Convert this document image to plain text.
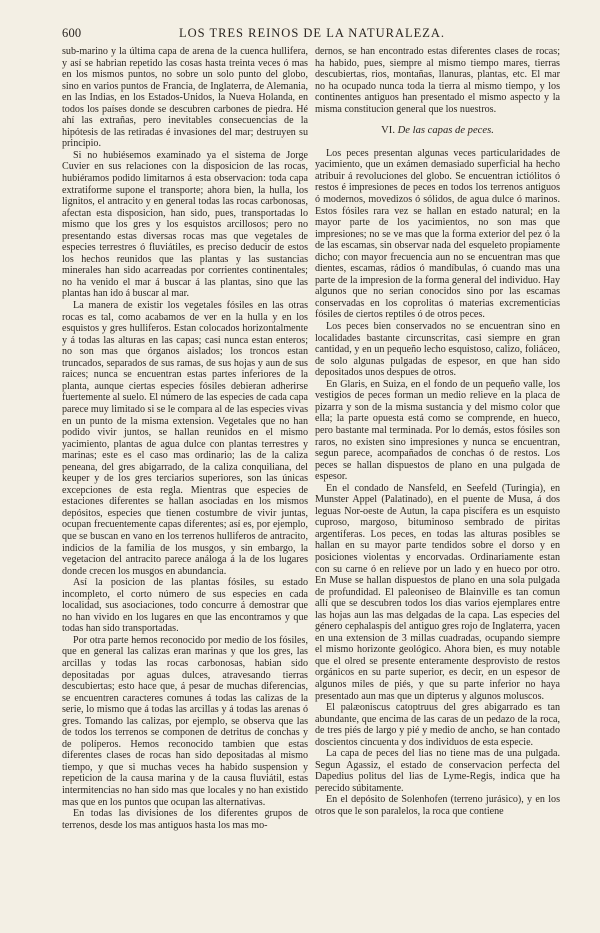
600	LOS TRES REINOS DE LA NATURALEZA.

sub-marino y la última capa de arena de la cuenca hullifera, y así se habrian repetido las cosas hasta treinta veces ó mas en los mismos puntos, no sobre un solo punto del globo, sino en varios puntos de Francia, de Inglaterra, de Alemania, en las Indias, en los Estados-Unidos, la Nueva Holanda, en todos los países donde se descubren carbones de piedra. Hé ahí las extrañas, pero inevitables consecuencias de la hipótesis de las retiradas é invasiones del mar; destruyen su principio.

Si no hubiésemos examinado ya el sistema de Jorge Cuvier en sus relaciones con la disposicion de las rocas, hubiéramos podido limitarnos á esta observacion: toda capa extratiforme supone el transporte; ahora bien, la hulla, los lignitos, el antracito y en general todas las rocas carbonosas, afectan esta disposicion, han sido, pues, transportadas lo mismo que los gres y los esquistos arcillosos; pero no presentando estas diversas rocas mas que vegetales de especies terrestres ó fluviátiles, es preciso deducir de estos los hechos reunidos que las plantas y las sustancias minerales han sido acarreadas por corrientes continentales; no ha venido el mar á buscar á las plantas, sino que las plantas han ido á buscar al mar.

La manera de existir los vegetales fósiles en las otras rocas es tal, como acabamos de ver en la hulla y en los esquistos y gres hulliferos. Estan colocados horizontalmente y á todas las alturas en las capas; casi nunca estan enteros; no son mas que órganos aislados; los troncos estan truncados, separados de sus ramas, de sus hojas y aun de sus raices; nunca se encuentran estas partes inferiores de la planta, aunque ciertas especies fósiles debieran adherirse fuertemente al suelo. El número de las especies de cada capa parece muy limitado si se le compara al de las especies vivas en un punto de la misma extension. Vegetales que no han podido vivir juntos, se hallan reunidos en el mismo yacimiento, plantas de agua dulce con plantas terrestres y marinas; este es el caso mas ordinario; las de la caliza peneana, del gres abigarrado, de la caliza conquiliana, del keuper y de los gres terciarios superiores, son las únicas excepciones de esta regla. Mientras que especies de estaciones diferentes se hallan asociadas en los mismos depósitos, especies que tienen costumbre de vivir juntas, ocupan frecuentemente capas diferentes; así es, por ejemplo, que se buscan en vano en los terrenos hulliferos de antracito, indicios de la familia de los musgos, y sin embargo, la vegetacion del antracito parece análoga á la de los lugares donde crecen los musgos en abundancia.

Así la posicion de las plantas fósiles, su estado incompleto, el corto número de sus especies en cada localidad, sus asociaciones, todo concurre á demostrar que no han vivido en los lugares en que las encontramos y que todas han sido transportadas.

Por otra parte hemos reconocido por medio de los fósiles, que en general las calizas eran marinas y que los gres, las arcillas y todas las rocas carbonosas, habian sido depositadas por aguas dulces, atravesando tierras descubiertas; esto hace que, á pesar de muchas diferencias, se encuentren caracteres comunes á todas las calizas de la serie, lo mismo que á todas las arcillas y á todas las arenas ó gres. Tomando las calizas, por ejemplo, se observa que las de todos los terrenos se componen de detritus de conchas y de políperos. Hemos reconocido tambien que estas diferentes clases de rocas han sido depositadas al mismo tiempo, y que si muchas veces ha habido suspension y repeticion de la causa marina y de la causa fluviátil, estas intermitencias no han sido mas que locales y no han existido mas que en los puntos que ocupan las alternativas.

En todas las divisiones de los diferentes grupos de terrenos, desde los mas antiguos hasta los mas mo-

dernos, se han encontrado estas diferentes clases de rocas; ha habido, pues, siempre al mismo tiempo mares, tierras descubiertas, rios, montañas, llanuras, plantas, etc. El mar no ha ocupado nunca toda la tierra al mismo tiempo, y los continentes antiguos han presentado el mismo aspecto y la misma constitucion general que los nuestros.

VI. De las capas de peces.

Los peces presentan algunas veces particularidades de yacimiento, que un exámen demasiado superficial ha hecho atribuir á revoluciones del globo. Se encuentran ictiólitos ó restos é impresiones de peces en todos los terrenos antiguos ó modernos, movedizos ó sólidos, de agua dulce ó marinos. Estos fósiles rara vez se hallan en estado natural; en la mayor parte de los yacimientos, no son mas que impresiones; no se ve mas que la forma exterior del pez ó la de las escamas, sin observar nada del esqueleto propiamente dicho; con mayor frecuencia aun no se encuentran mas que dientes, escamas, rádios ó mandíbulas, ó cuando mas una parte de la impresion de la forma general del individuo. Hay algunos que no serian conocidos sino por las escamas conservadas en los coprolitas ó materias excrementicias fósiles de ciertos reptiles ó de otros peces.

Los peces bien conservados no se encuentran sino en localidades bastante circunscritas, casi siempre en gran cantidad, y en un pequeño lecho esquistoso, calizo, foliáceo, de solo algunas pulgadas de espesor, en que han sido depositados unos despues de otros.

En Glaris, en Suiza, en el fondo de un pequeño valle, los vestigios de peces forman un medio relieve en la placa de pizarra y son de la misma sustancia y del mismo color que ella; la parte opuesta está como se comprende, en hueco, pero bastante mal terminada. Por lo demás, estos fósiles son raros, no existen sino impresiones y nunca se encuentran, segun parece, acompañados de conchas ó de restos. Los peces se hallan dispuestos de plano en una pulgada de espesor.

En el condado de Nansfeld, en Seefeld (Turingia), en Munster Appel (Palatinado), en el puente de Musa, á dos leguas Nor-oeste de Autun, la capa piscífera es un esquisto cuproso, margoso, bituminoso sembrado de piritas argentíferas. Los peces, en todas las alturas posibles se hallan en su mayor parte tendidos sobre el dorso y en posiciones violentas y encorvadas. Ordinariamente estan con su carne ó en relieve por un lado y en hueco por otro. En Muse se hallan dispuestos de plano en una sola pulgada de profundidad. El paleoniseo de Blainville es tan comun allí que se descubren todos los dias varios ejemplares entre las hojas aun las mas delgadas de la capa. Las especies del género cephalaspis del antiguo gres rojo de Inglaterra, yacen en una extension de 3 millas cuadradas, ocupando siempre el mismo horizonte geológico. Ahora bien, es muy notable que el olred se presente enteramente desprovisto de restos orgánicos en su parte superior, es decir, en un espesor de algunos miles de piés, y que su parte inferior no haya presentado aun mas que un dipterus y algunos moluscos.

El palæoniscus catoptruus del gres abigarrado es tan abundante, que encima de las caras de un pedazo de la roca, de tres piés de largo y pié y medio de ancho, se han contado doscientos cincuenta y dos individuos de esta especie.

La capa de peces del lias no tiene mas de una pulgada. Segun Agassiz, el estado de conservacion perfecta del Dapedius politus del lias de Lyme-Regis, indica que ha perecido súbitamente.

En el depósito de Solenhofen (terreno jurásico), y en los otros que le son paralelos, la roca que contiene
